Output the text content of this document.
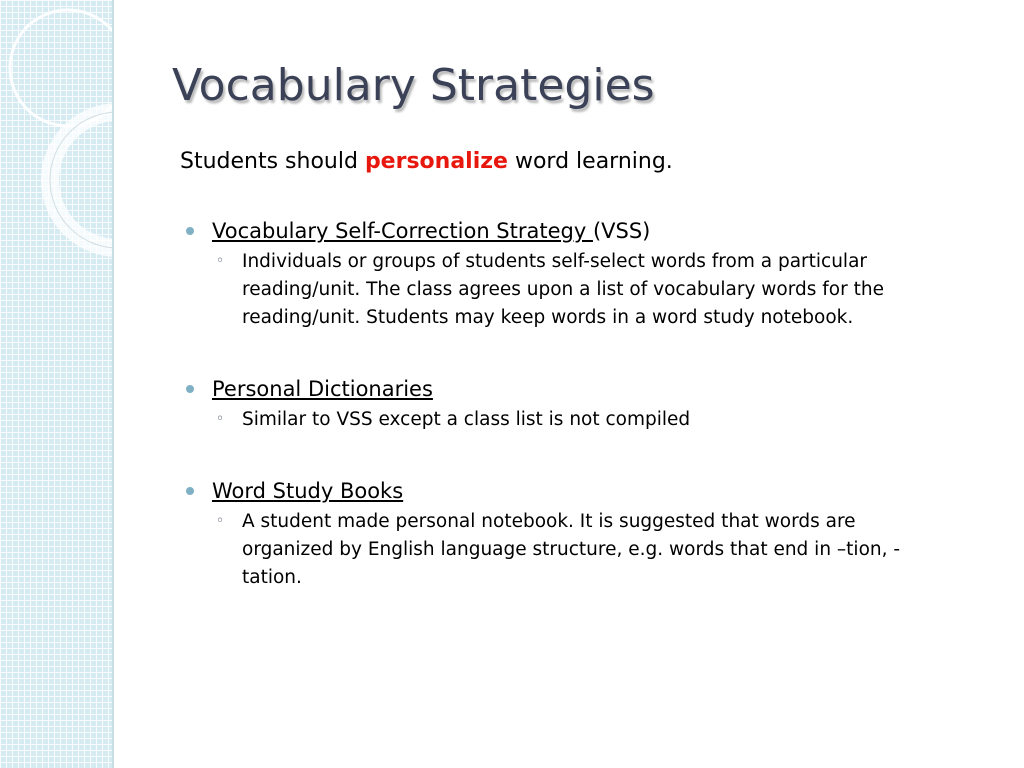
Vocabulary Strategies

Students should personalize word learning.

Vocabulary Self-Correction Strategy (VSS)
◦ Individuals or groups of students self-select words from a particular reading/unit. The class agrees upon a list of vocabulary words for the reading/unit. Students may keep words in a word study notebook.
Personal Dictionaries
◦ Similar to VSS except a class list is not compiled
Word Study Books
◦ A student made personal notebook. It is suggested that words are organized by English language structure, e.g. words that end in –tion, -tation.
